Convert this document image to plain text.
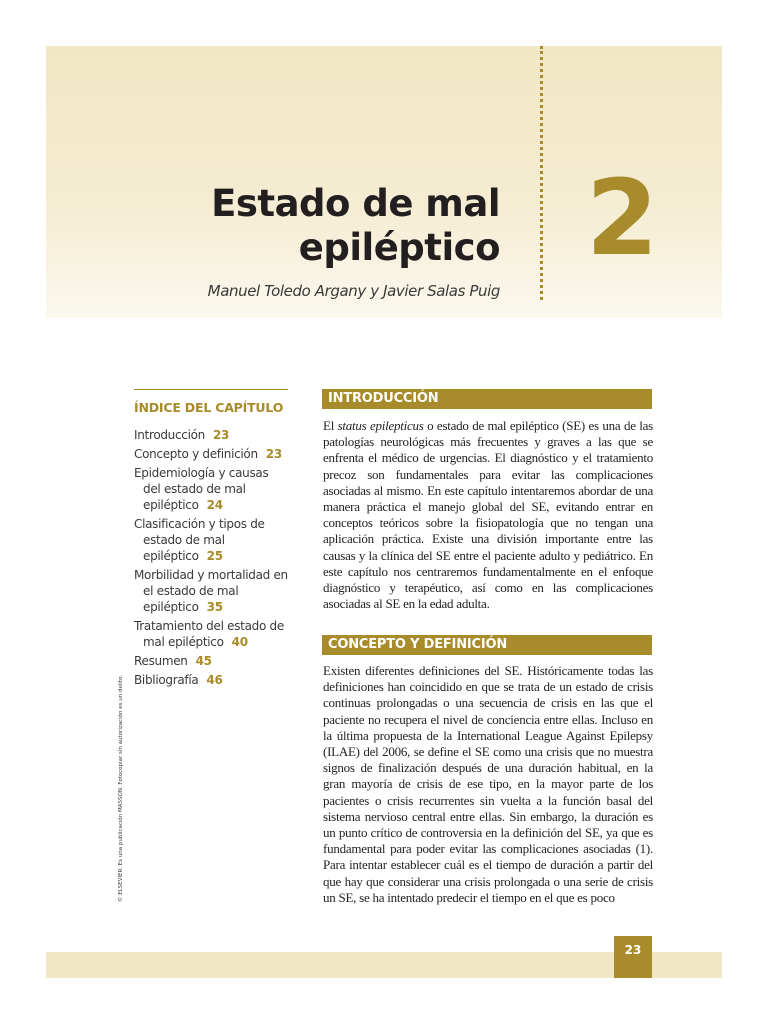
Estado de mal
epiléptico
Manuel Toledo Argany y Javier Salas Puig
2
ÍNDICE DEL CAPÍTULO
Introducción 23
Concepto y definición 23
Epidemiología y causas del estado de mal epiléptico 24
Clasificación y tipos de estado de mal epiléptico 25
Morbilidad y mortalidad en el estado de mal epiléptico 35
Tratamiento del estado de mal epiléptico 40
Resumen 45
Bibliografía 46
© ELSEVIER. Es una publicación MASSON. Fotocopiar sin autorización es un delito.
INTRODUCCIÓN

El status epilepticus o estado de mal epiléptico (SE) es una de las patologías neurológicas más frecuentes y graves a las que se enfrenta el médico de urgencias. El diagnóstico y el tratamiento precoz son fundamentales para evitar las complicaciones asociadas al mismo. En este capítulo intentaremos abordar de una manera práctica el manejo global del SE, evitando entrar en conceptos teóricos sobre la fisiopatología que no tengan una aplicación práctica. Existe una división importante entre las causas y la clínica del SE entre el paciente adulto y pediátrico. En este capítulo nos centraremos fundamentalmente en el enfoque diagnóstico y terapéutico, así como en las complicaciones asociadas al SE en la edad adulta.

CONCEPTO Y DEFINICIÓN

Existen diferentes definiciones del SE. Históricamente todas las definiciones han coincidido en que se trata de un estado de crisis continuas prolongadas o una secuencia de crisis en las que el paciente no recupera el nivel de conciencia entre ellas. Incluso en la última propuesta de la International League Against Epilepsy (ILAE) del 2006, se define el SE como una crisis que no muestra signos de finalización después de una duración habitual, en la gran mayoría de crisis de ese tipo, en la mayor parte de los pacientes o crisis recurrentes sin vuelta a la función basal del sistema nervioso central entre ellas. Sin embargo, la duración es un punto crítico de controversia en la definición del SE, ya que es fundamental para poder evitar las complicaciones asociadas (1). Para intentar establecer cuál es el tiempo de duración a partir del que hay que considerar una crisis prolongada o una serie de crisis un SE, se ha intentado predecir el tiempo en el que es poco

23
